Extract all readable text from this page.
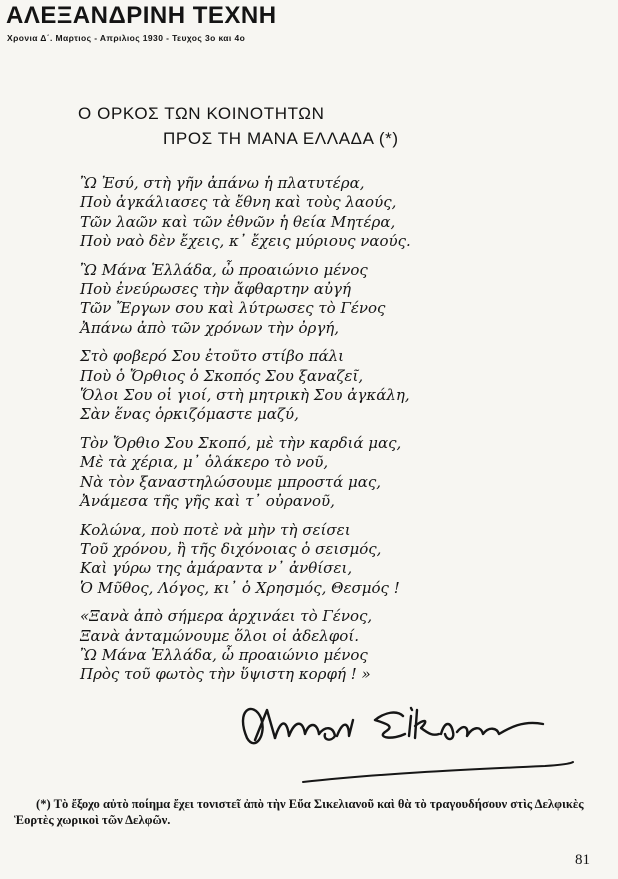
ΑΛΕΞΑΝΔΡΙΝΗ ΤΕΧΝΗ
Χρονια Δ΄. Μαρτιος - Απριλιος 1930 - Τευχος 3ο και 4ο
Ο ΟΡΚΟΣ ΤΩΝ ΚΟΙΝΟΤΗΤΩΝ
ΠΡΟΣ ΤΗ ΜΑΝΑ ΕΛΛΑΔΑ (*)
Ὢ Ἐσύ, στὴ γῆν ἀπάνω ἡ πλατυτέρα,
Ποὺ ἀγκάλιασες τὰ ἔθνη καὶ τοὺς λαούς,
Τῶν λαῶν καὶ τῶν ἐθνῶν ἡ θεία Μητέρα,
Ποὺ ναὸ δὲν ἔχεις, κ᾽ ἔχεις μύριους ναούς.
Ὢ Μάνα Ἑλλάδα, ὦ προαιώνιο μένος
Ποὺ ἐνεύρωσες τὴν ἄφθαρτην αὐγή
Τῶν Ἔργων σου καὶ λύτρωσες τὸ Γένος
Ἀπάνω ἀπὸ τῶν χρόνων τὴν ὀργή,
Στὸ φοβερό Σου ἐτοῦτο στίβο πάλι
Ποὺ ὁ Ὄρθιος ὁ Σκοπός Σου ξαναζεῖ,
Ὅλοι Σου οἱ γιοί, στὴ μητρικὴ Σου ἀγκάλη,
Σὰν ἕνας ὁρκιζόμαστε μαζύ,
Τὸν Ὄρθιο Σου Σκοπό, μὲ τὴν καρδιά μας,
Μὲ τὰ χέρια, μ᾽ ὁλάκερο τὸ νοῦ,
Νὰ τὸν ξαναστηλώσουμε μπροστά μας,
Ἀνάμεσα τῆς γῆς καὶ τ᾽ οὐρανοῦ,
Κολώνα, ποὺ ποτὲ νὰ μὴν τὴ σείσει
Τοῦ χρόνου, ἢ τῆς διχόνοιας ὁ σεισμός,
Καὶ γύρω της ἀμάραντα ν᾽ ἀνθίσει,
Ὁ Μῦθος, Λόγος, κι᾽ ὁ Χρησμός, Θεσμός !
«Ξανὰ ἀπὸ σήμερα ἀρχινάει τὸ Γένος,
Ξανὰ ἀνταμώνουμε ὅλοι οἱ ἀδελφοί.
Ὢ Μάνα Ἑλλάδα, ὦ προαιώνιο μένος
Πρὸς τοῦ φωτὸς τὴν ὕψιστη κορφή ! »
(*) Τὸ ἔξοχο αὐτὸ ποίημα ἔχει τονιστεῖ ἀπὸ τὴν Εὔα Σικελιανοῦ καὶ θὰ τὸ τραγουδήσουν στὶς Δελφικὲς Ἑορτὲς χωρικοὶ τῶν Δελφῶν.
81
